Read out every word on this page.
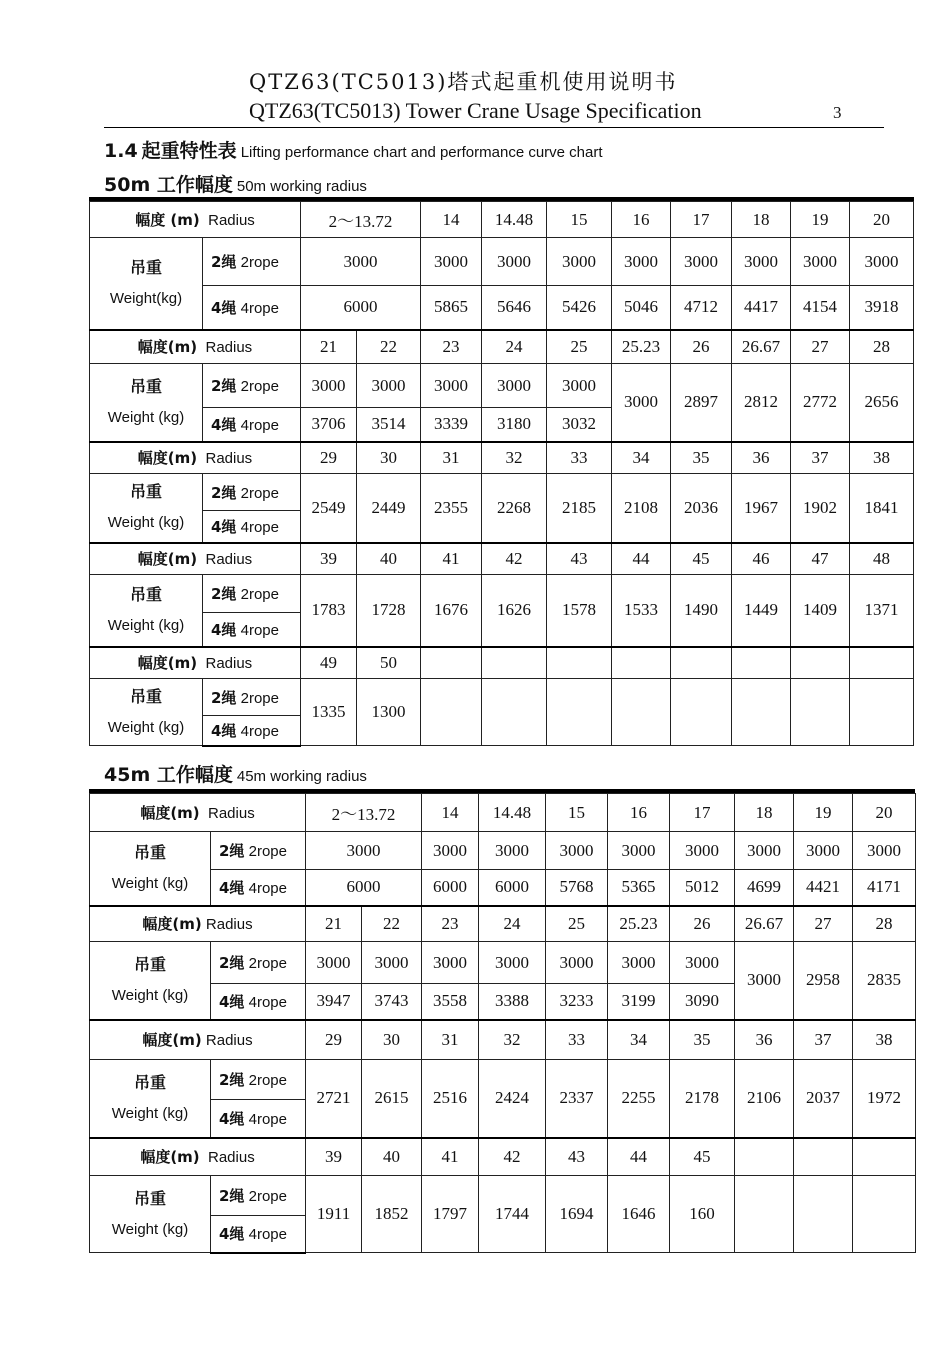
QTZ63(TC5013)塔式起重机使用说明书
QTZ63(TC5013) Tower Crane Usage Specification	3
1.4 起重特性表 Lifting performance chart and performance curve chart
50m 工作幅度 50m working radius
幅度 (m) Radius		2～13.72		14	14.48	15	16	17	18	19	20
吊重
Weight(kg)	2绳 2rope	3000		3000	3000	3000	3000	3000	3000	3000	3000
	4绳 4rope	6000		5865	5646	5426	5046	4712	4417	4154	3918
幅度(m) Radius		21	22	23	24	25	25.23	26	26.67	27	28
吊重
Weight (kg)	2绳 2rope	3000	3000	3000	3000	3000	3000	2897	2812	2772	2656
	4绳 4rope	3706	3514	3339	3180	3032					
幅度(m) Radius		29	30	31	32	33	34	35	36	37	38
吊重
Weight (kg)	2绳 2rope	2549	2449	2355	2268	2185	2108	2036	1967	1902	1841
	4绳 4rope										
幅度(m) Radius		39	40	41	42	43	44	45	46	47	48
吊重
Weight (kg)	2绳 2rope	1783	1728	1676	1626	1578	1533	1490	1449	1409	1371
	4绳 4rope										
幅度(m) Radius		49	50								
吊重
Weight (kg)	2绳 2rope	1335	1300								
	4绳 4rope										
45m 工作幅度 45m working radius
幅度(m) Radius		2～13.72		14	14.48	15	16	17	18	19	20
吊重
Weight (kg)	2绳 2rope	3000		3000	3000	3000	3000	3000	3000	3000	3000
	4绳 4rope	6000		6000	6000	5768	5365	5012	4699	4421	4171
幅度(m) Radius		21	22	23	24	25	25.23	26	26.67	27	28
吊重
Weight (kg)	2绳 2rope	3000	3000	3000	3000	3000	3000	3000	3000	2958	2835
	4绳 4rope	3947	3743	3558	3388	3233	3199	3090			
幅度(m) Radius		29	30	31	32	33	34	35	36	37	38
吊重
Weight (kg)	2绳 2rope	2721	2615	2516	2424	2337	2255	2178	2106	2037	1972
	4绳 4rope										
幅度(m) Radius		39	40	41	42	43	44	45			
吊重
Weight (kg)	2绳 2rope	1911	1852	1797	1744	1694	1646	160			
	4绳 4rope										
